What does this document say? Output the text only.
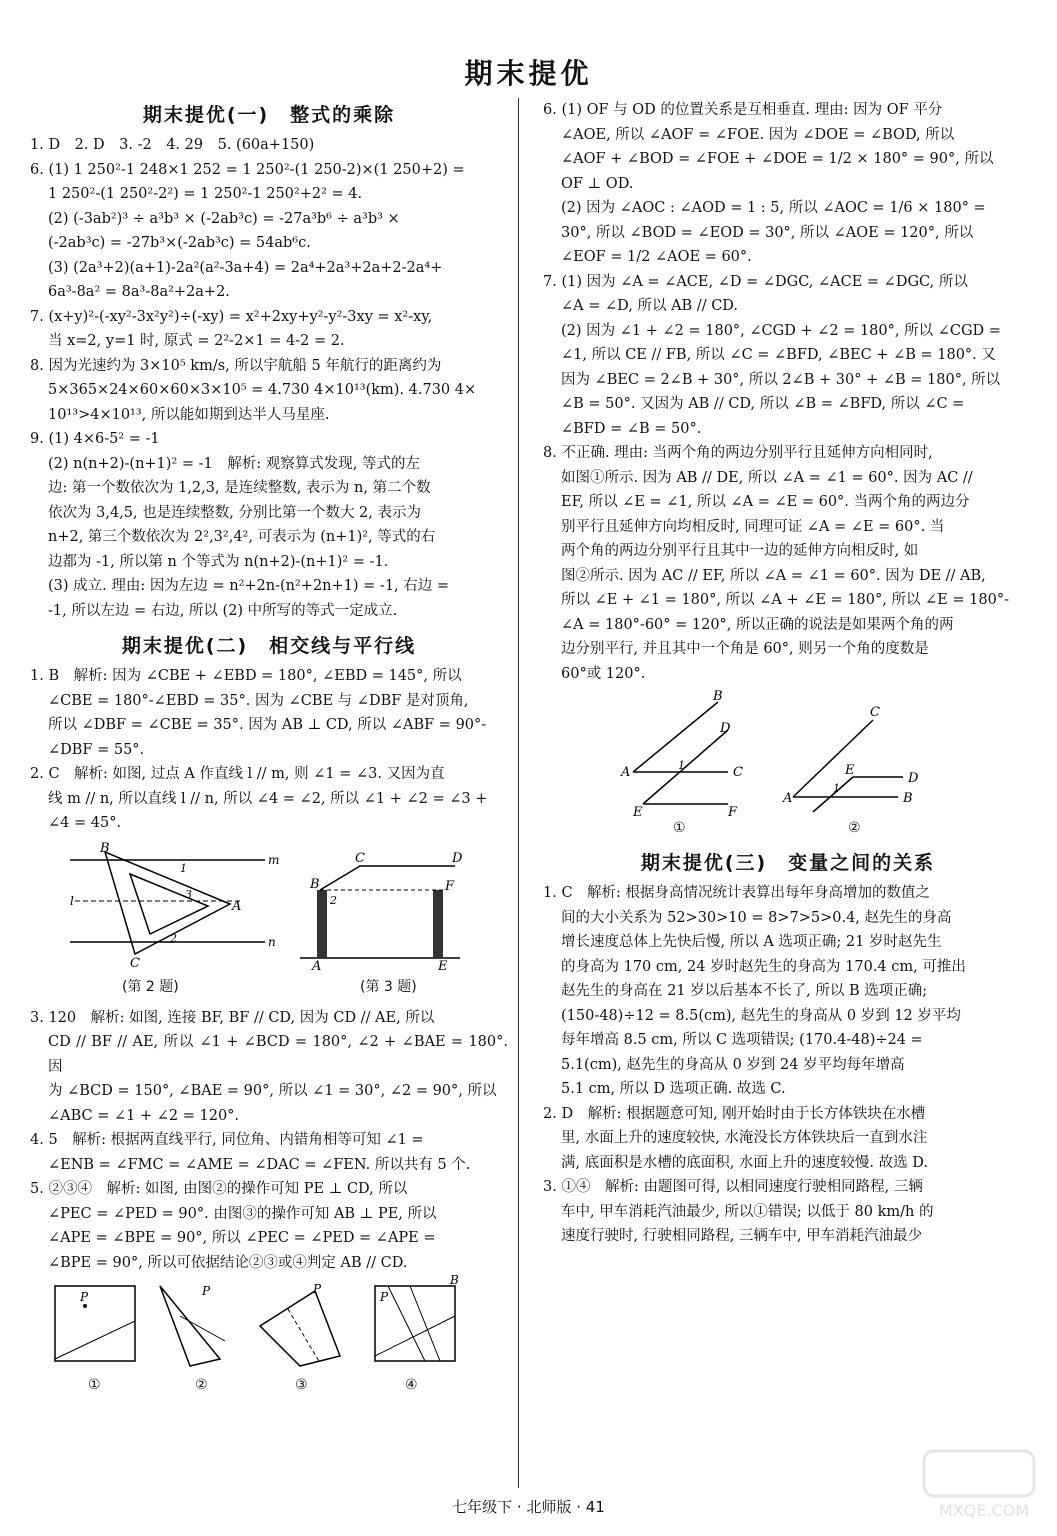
期末提优
期末提优(一)　整式的乘除

1. D　2. D　3. -2　4. 29　5. (60a+150)

6. (1) 1 250²-1 248×1 252 = 1 250²-(1 250-2)×(1 250+2) =

1 250²-(1 250²-2²) = 1 250²-1 250²+2² = 4.

(2) (-3ab²)³ ÷ a³b³ × (-2ab³c) = -27a³b⁶ ÷ a³b³ ×

(-2ab³c) = -27b³×(-2ab³c) = 54ab⁶c.

(3) (2a³+2)(a+1)-2a²(a²-3a+4) = 2a⁴+2a³+2a+2-2a⁴+

6a³-8a² = 8a³-8a²+2a+2.

7. (x+y)²-(-xy²-3x²y²)÷(-xy) = x²+2xy+y²-y²-3xy = x²-xy,

当 x=2, y=1 时, 原式 = 2²-2×1 = 4-2 = 2.

8. 因为光速约为 3×10⁵ km/s, 所以宇航船 5 年航行的距离约为

5×365×24×60×60×3×10⁵ = 4.730 4×10¹³(km). 4.730 4×

10¹³>4×10¹³, 所以能如期到达半人马星座.

9. (1) 4×6-5² = -1

(2) n(n+2)-(n+1)² = -1　解析: 观察算式发现, 等式的左

边: 第一个数依次为 1,2,3, 是连续整数, 表示为 n, 第二个数

依次为 3,4,5, 也是连续整数, 分别比第一个数大 2, 表示为

n+2, 第三个数依次为 2²,3²,4², 可表示为 (n+1)², 等式的右

边都为 -1, 所以第 n 个等式为 n(n+2)-(n+1)² = -1.

(3) 成立. 理由: 因为左边 = n²+2n-(n²+2n+1) = -1, 右边 =

-1, 所以左边 = 右边, 所以 (2) 中所写的等式一定成立.

期末提优(二)　相交线与平行线

1. B　解析: 因为 ∠CBE + ∠EBD = 180°, ∠EBD = 145°, 所以

∠CBE = 180°-∠EBD = 35°. 因为 ∠CBE 与 ∠DBF 是对顶角,

所以 ∠DBF = ∠CBE = 35°. 因为 AB ⊥ CD, 所以 ∠ABF = 90°-

∠DBF = 55°.

2. C　解析: 如图, 过点 A 作直线 l // m, 则 ∠1 = ∠3. 又因为直

线 m // n, 所以直线 l // n, 所以 ∠4 = ∠2, 所以 ∠1 + ∠2 = ∠3 +

∠4 = 45°.

B
C
A
m
n
l
1
3
2
C	D
B	F
A	E
2
(第 2 题)	(第 3 题)

3. 120　解析: 如图, 连接 BF, BF // CD, 因为 CD // AE, 所以

CD // BF // AE, 所以 ∠1 + ∠BCD = 180°, ∠2 + ∠BAE = 180°. 因

为 ∠BCD = 150°, ∠BAE = 90°, 所以 ∠1 = 30°, ∠2 = 90°, 所以

∠ABC = ∠1 + ∠2 = 120°.

4. 5　解析: 根据两直线平行, 同位角、内错角相等可知 ∠1 =

∠ENB = ∠FMC = ∠AME = ∠DAC = ∠FEN. 所以共有 5 个.

5. ②③④　解析: 如图, 由图②的操作可知 PE ⊥ CD, 所以

∠PEC = ∠PED = 90°. 由图③的操作可知 AB ⊥ PE, 所以

∠APE = ∠BPE = 90°, 所以 ∠PEC = ∠PED = ∠APE =

∠BPE = 90°, 所以可依据结论②③或④判定 AB // CD.

P	P	P
P
B
①	②	③	④

6. (1) OF 与 OD 的位置关系是互相垂直. 理由: 因为 OF 平分

∠AOE, 所以 ∠AOF = ∠FOE. 因为 ∠DOE = ∠BOD, 所以

∠AOF + ∠BOD = ∠FOE + ∠DOE = 1/2 × 180° = 90°, 所以

OF ⊥ OD.

(2) 因为 ∠AOC : ∠AOD = 1 : 5, 所以 ∠AOC = 1/6 × 180° =

30°, 所以 ∠BOD = ∠EOD = 30°, 所以 ∠AOE = 120°, 所以

∠EOF = 1/2 ∠AOE = 60°.

7. (1) 因为 ∠A = ∠ACE, ∠D = ∠DGC, ∠ACE = ∠DGC, 所以

∠A = ∠D, 所以 AB // CD.

(2) 因为 ∠1 + ∠2 = 180°, ∠CGD + ∠2 = 180°, 所以 ∠CGD =

∠1, 所以 CE // FB, 所以 ∠C = ∠BFD, ∠BEC + ∠B = 180°. 又

因为 ∠BEC = 2∠B + 30°, 所以 2∠B + 30° + ∠B = 180°, 所以

∠B = 50°. 又因为 AB // CD, 所以 ∠B = ∠BFD, 所以 ∠C =

∠BFD = ∠B = 50°.

8. 不正确. 理由: 当两个角的两边分别平行且延伸方向相同时,

如图①所示. 因为 AB // DE, 所以 ∠A = ∠1 = 60°. 因为 AC //

EF, 所以 ∠E = ∠1, 所以 ∠A = ∠E = 60°. 当两个角的两边分

别平行且延伸方向均相反时, 同理可证 ∠A = ∠E = 60°. 当

两个角的两边分别平行且其中一边的延伸方向相反时, 如

图②所示. 因为 AC // EF, 所以 ∠A = ∠1 = 60°. 因为 DE // AB,

所以 ∠E + ∠1 = 180°, 所以 ∠A + ∠E = 180°, 所以 ∠E = 180°-

∠A = 180°-60° = 120°, 所以正确的说法是如果两个角的两

边分别平行, 并且其中一个角是 60°, 则另一个角的度数是

60°或 120°.

B
D
A	C
E	F
1
C
E
D
A	B
1
①	②
期末提优(三)　变量之间的关系

1. C　解析: 根据身高情况统计表算出每年身高增加的数值之

间的大小关系为 52>30>10 = 8>7>5>0.4, 赵先生的身高

增长速度总体上先快后慢, 所以 A 选项正确; 21 岁时赵先生

的身高为 170 cm, 24 岁时赵先生的身高为 170.4 cm, 可推出

赵先生的身高在 21 岁以后基本不长了, 所以 B 选项正确;

(150-48)÷12 = 8.5(cm), 赵先生的身高从 0 岁到 12 岁平均

每年增高 8.5 cm, 所以 C 选项错误; (170.4-48)÷24 =

5.1(cm), 赵先生的身高从 0 岁到 24 岁平均每年增高

5.1 cm, 所以 D 选项正确. 故选 C.

2. D　解析: 根据题意可知, 刚开始时由于长方体铁块在水槽

里, 水面上升的速度较快, 水淹没长方体铁块后一直到水注

满, 底面积是水槽的底面积, 水面上升的速度较慢. 故选 D.

3. ①④　解析: 由题图可得, 以相同速度行驶相同路程, 三辆

车中, 甲车消耗汽油最少, 所以①错误; 以低于 80 km/h 的

速度行驶时, 行驶相同路程, 三辆车中, 甲车消耗汽油最少

七年级下 · 北师版 · 41	MXQE.COM
